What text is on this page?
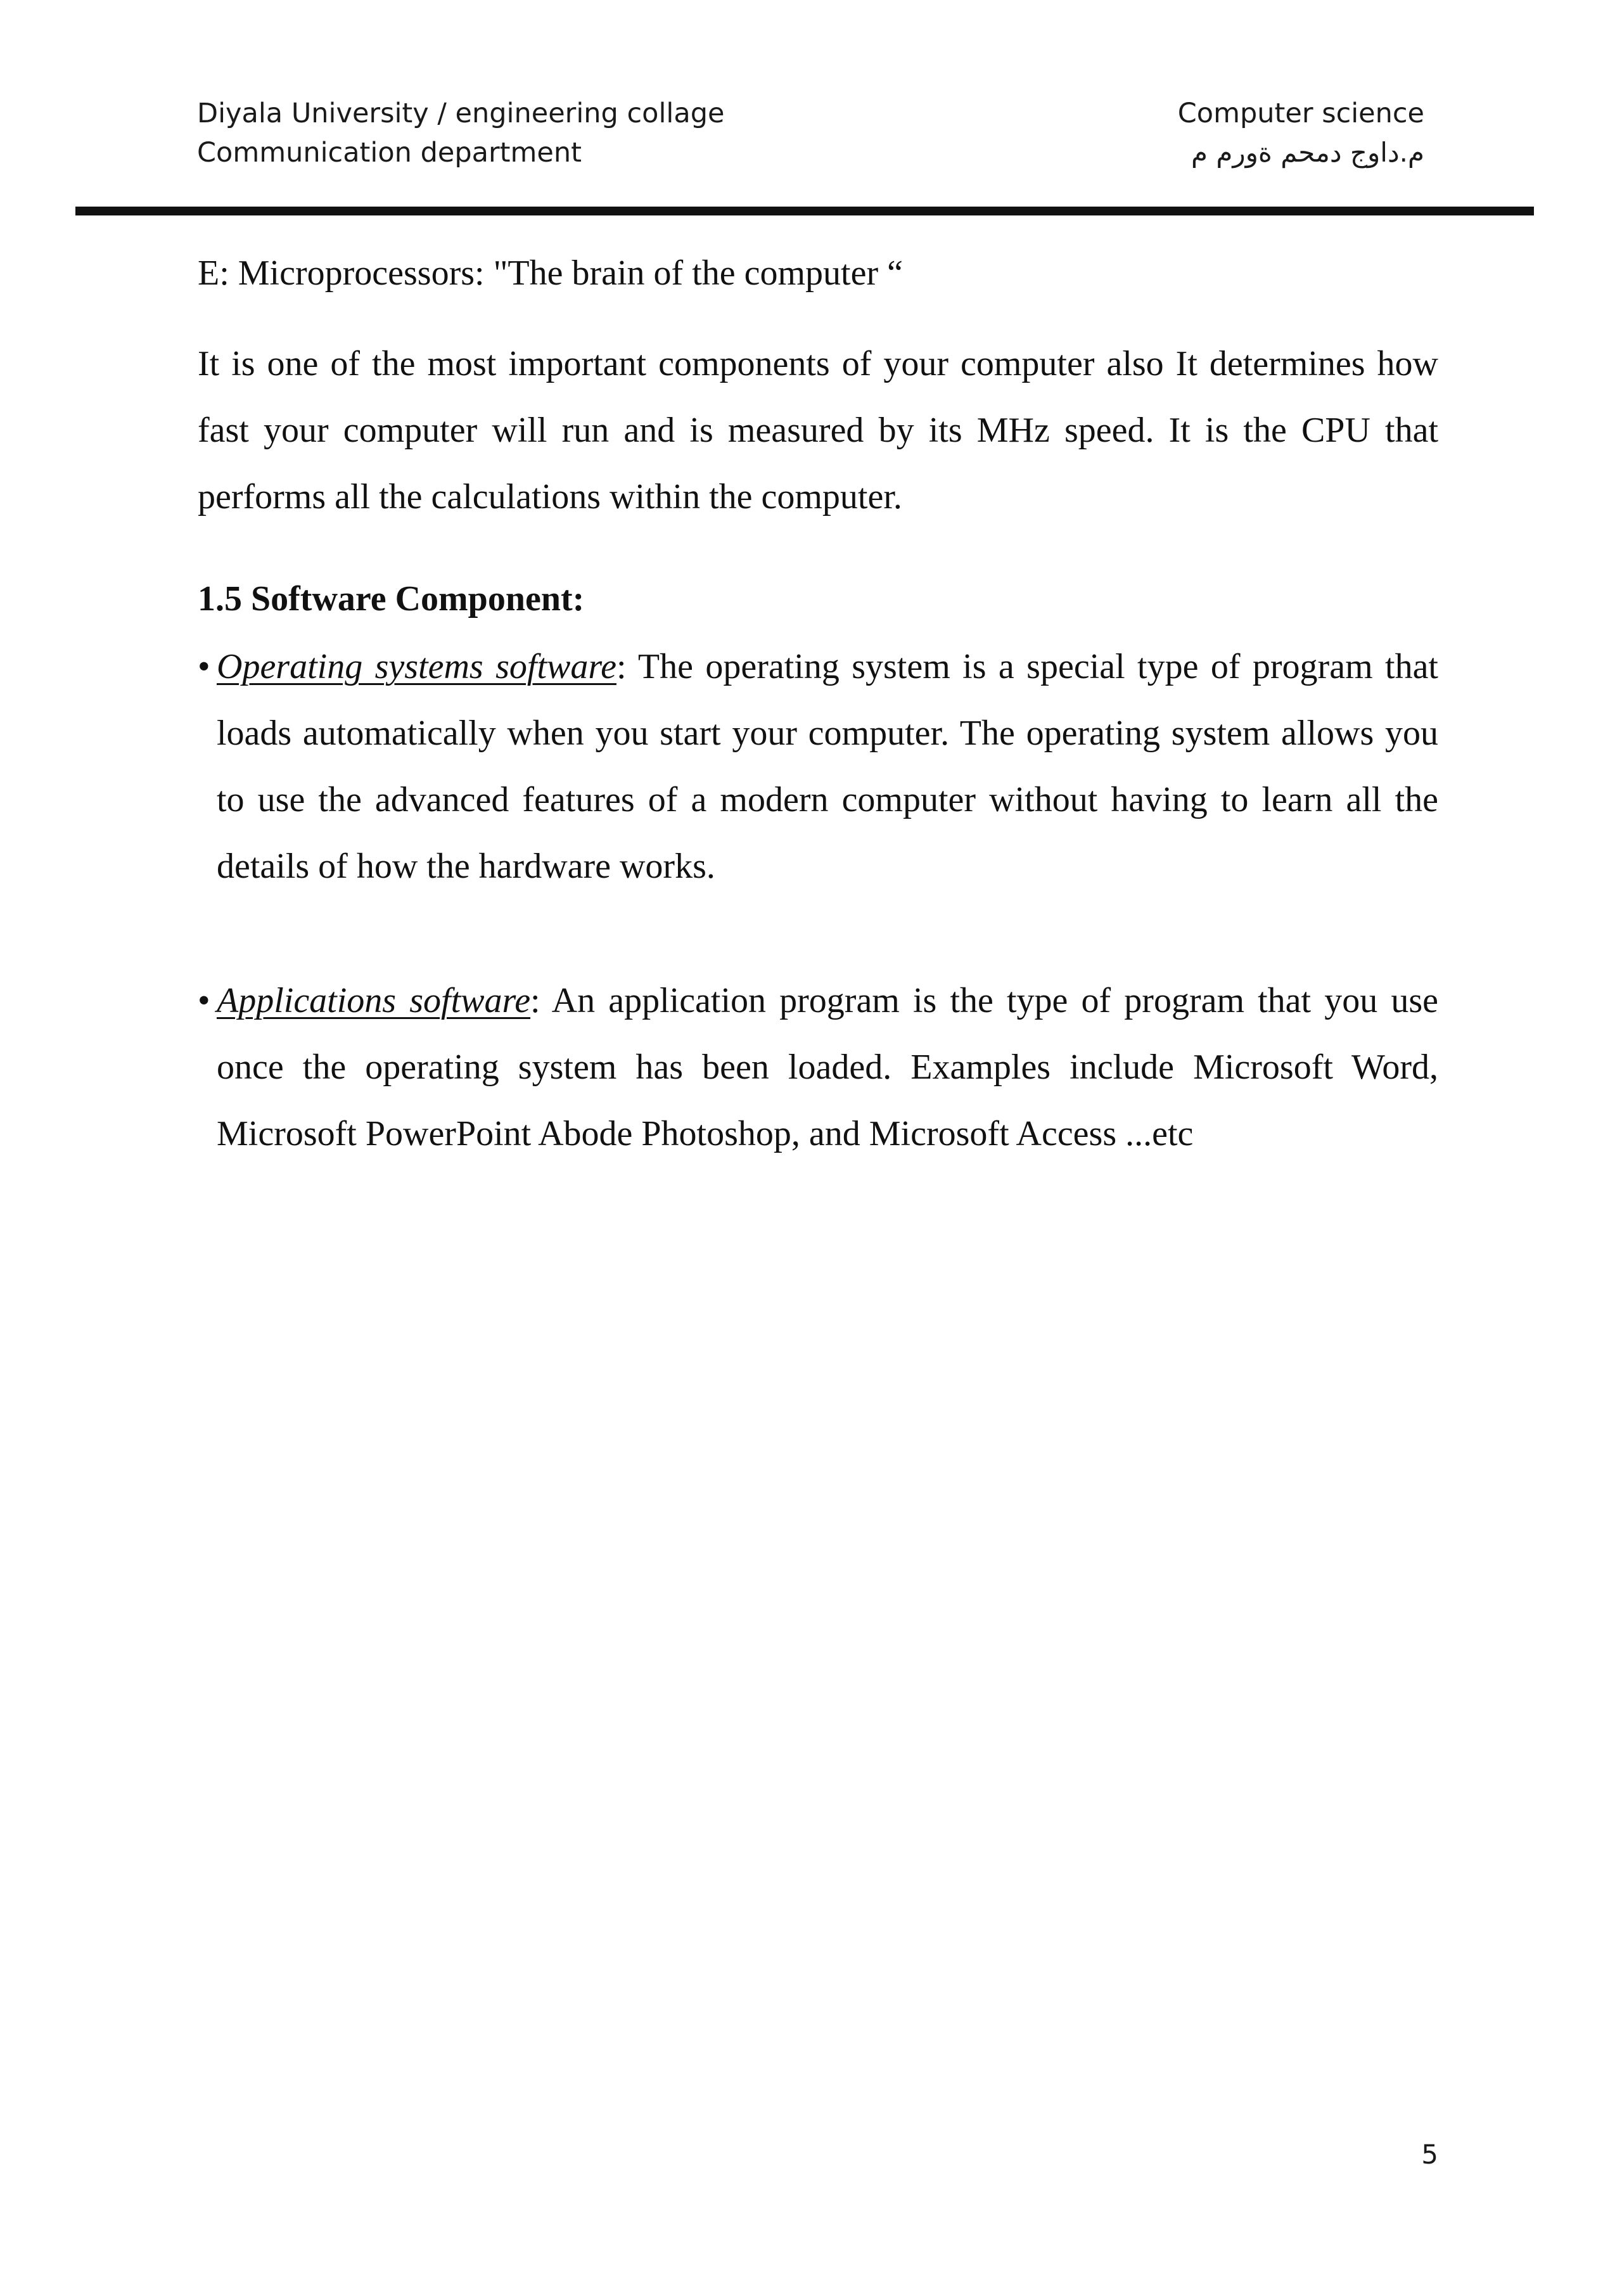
Diyala University / engineering collage
Communication department
Computer science
م.داوج دمحم ةورم م
E: Microprocessors: "The brain of the computer “
It is one of the most important components of your computer also It determines how fast your computer will run and is measured by its MHz speed. It is the CPU that performs all the calculations within the computer.
1.5 Software Component:
• Operating systems software: The operating system is a special type of program that loads automatically when you start your computer. The operating system allows you to use the advanced features of a modern computer without having to learn all the details of how the hardware works.
• Applications software: An application program is the type of program that you use once the operating system has been loaded. Examples include Microsoft Word, Microsoft PowerPoint Abode Photoshop, and Microsoft Access ...etc
5
